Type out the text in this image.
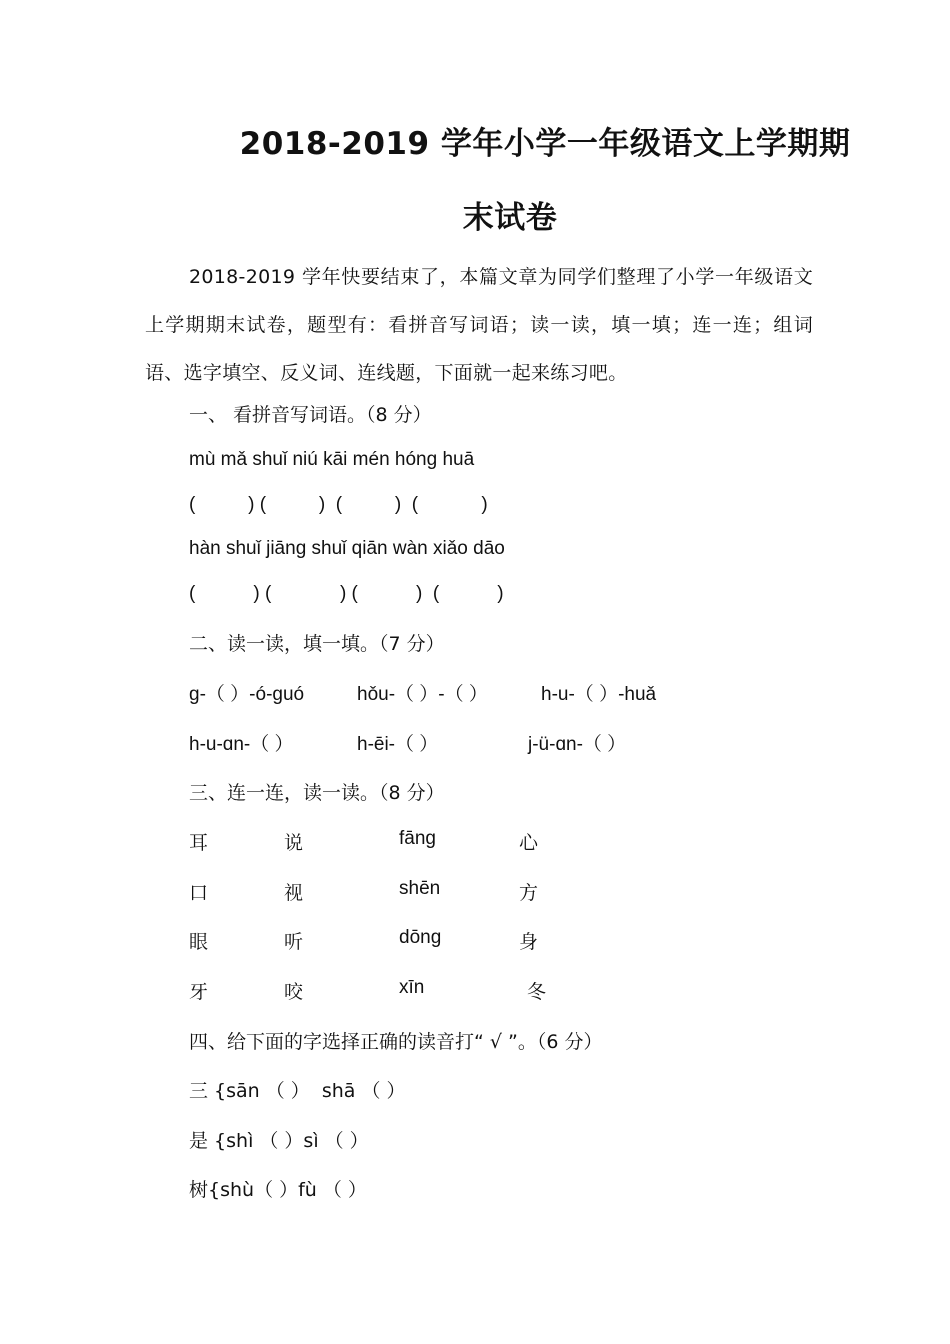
2018-2019 学年小学一年级语文上学期期
末试卷
2018-2019 学年快要结束了，本篇文章为同学们整理了小学一年级语文上学期期末试卷，题型有：看拼音写词语；读一读，填一填；连一连；组词语、选字填空、反义词、连线题，下面就一起来练习吧。
一、 看拼音写词语。（8 分）
mù mǎ shuǐ niú kāi mén hóng huā
(          ) (          )  (          )  (            )
hàn shuǐ jiāng shuǐ qiān wàn xiǎo dāo
(           ) (             ) (           )  (           )
二、读一读，填一填。（7 分）
g-（ ）-ó-guó	hǒu-（ ）-（ ）	h-u-（ ）-huǎ
h-u-ɑn-（ ）	h-ēi-（ ）	j-ü-ɑn-（ ）
三、连一连，读一读。（8 分）
耳	说	fāng	心
口	视	shēn	方
眼	听	dōng	身
牙	咬	xīn	冬
四、给下面的字选择正确的读音打“ √ ”。（6 分）
三 {sān （ ）  shā （ ）
是 {shì （ ）sì （ ）
树{shù（ ）fù （ ）
